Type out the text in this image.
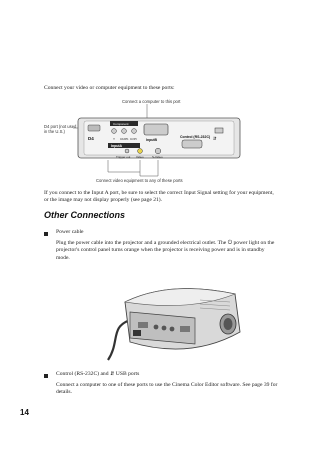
Connect your video or computer equipment to these ports:
Connect a computer to this port
D4 port (not used in the U.S.)
D4
Component
Y Cb/Pb Cr/Pr
InputA
InputB
Trigger out Video	S-Video
Control (RS-232C) ⮃
Connect video equipment to any of these ports
If you connect to the Input A port, be sure to select the correct Input Signal setting for your equipment, or the image may not display properly (see page 21).
Other Connections
Power cable
Plug the power cable into the projector and a grounded electrical outlet. The ⏻ power light on the projector's control panel turns orange when the projector is receiving power and is in standby mode.
Control (RS-232C) and ⮃ USB ports
Connect a computer to one of these ports to use the Cinema Color Editor software. See page 39 for details.
14
